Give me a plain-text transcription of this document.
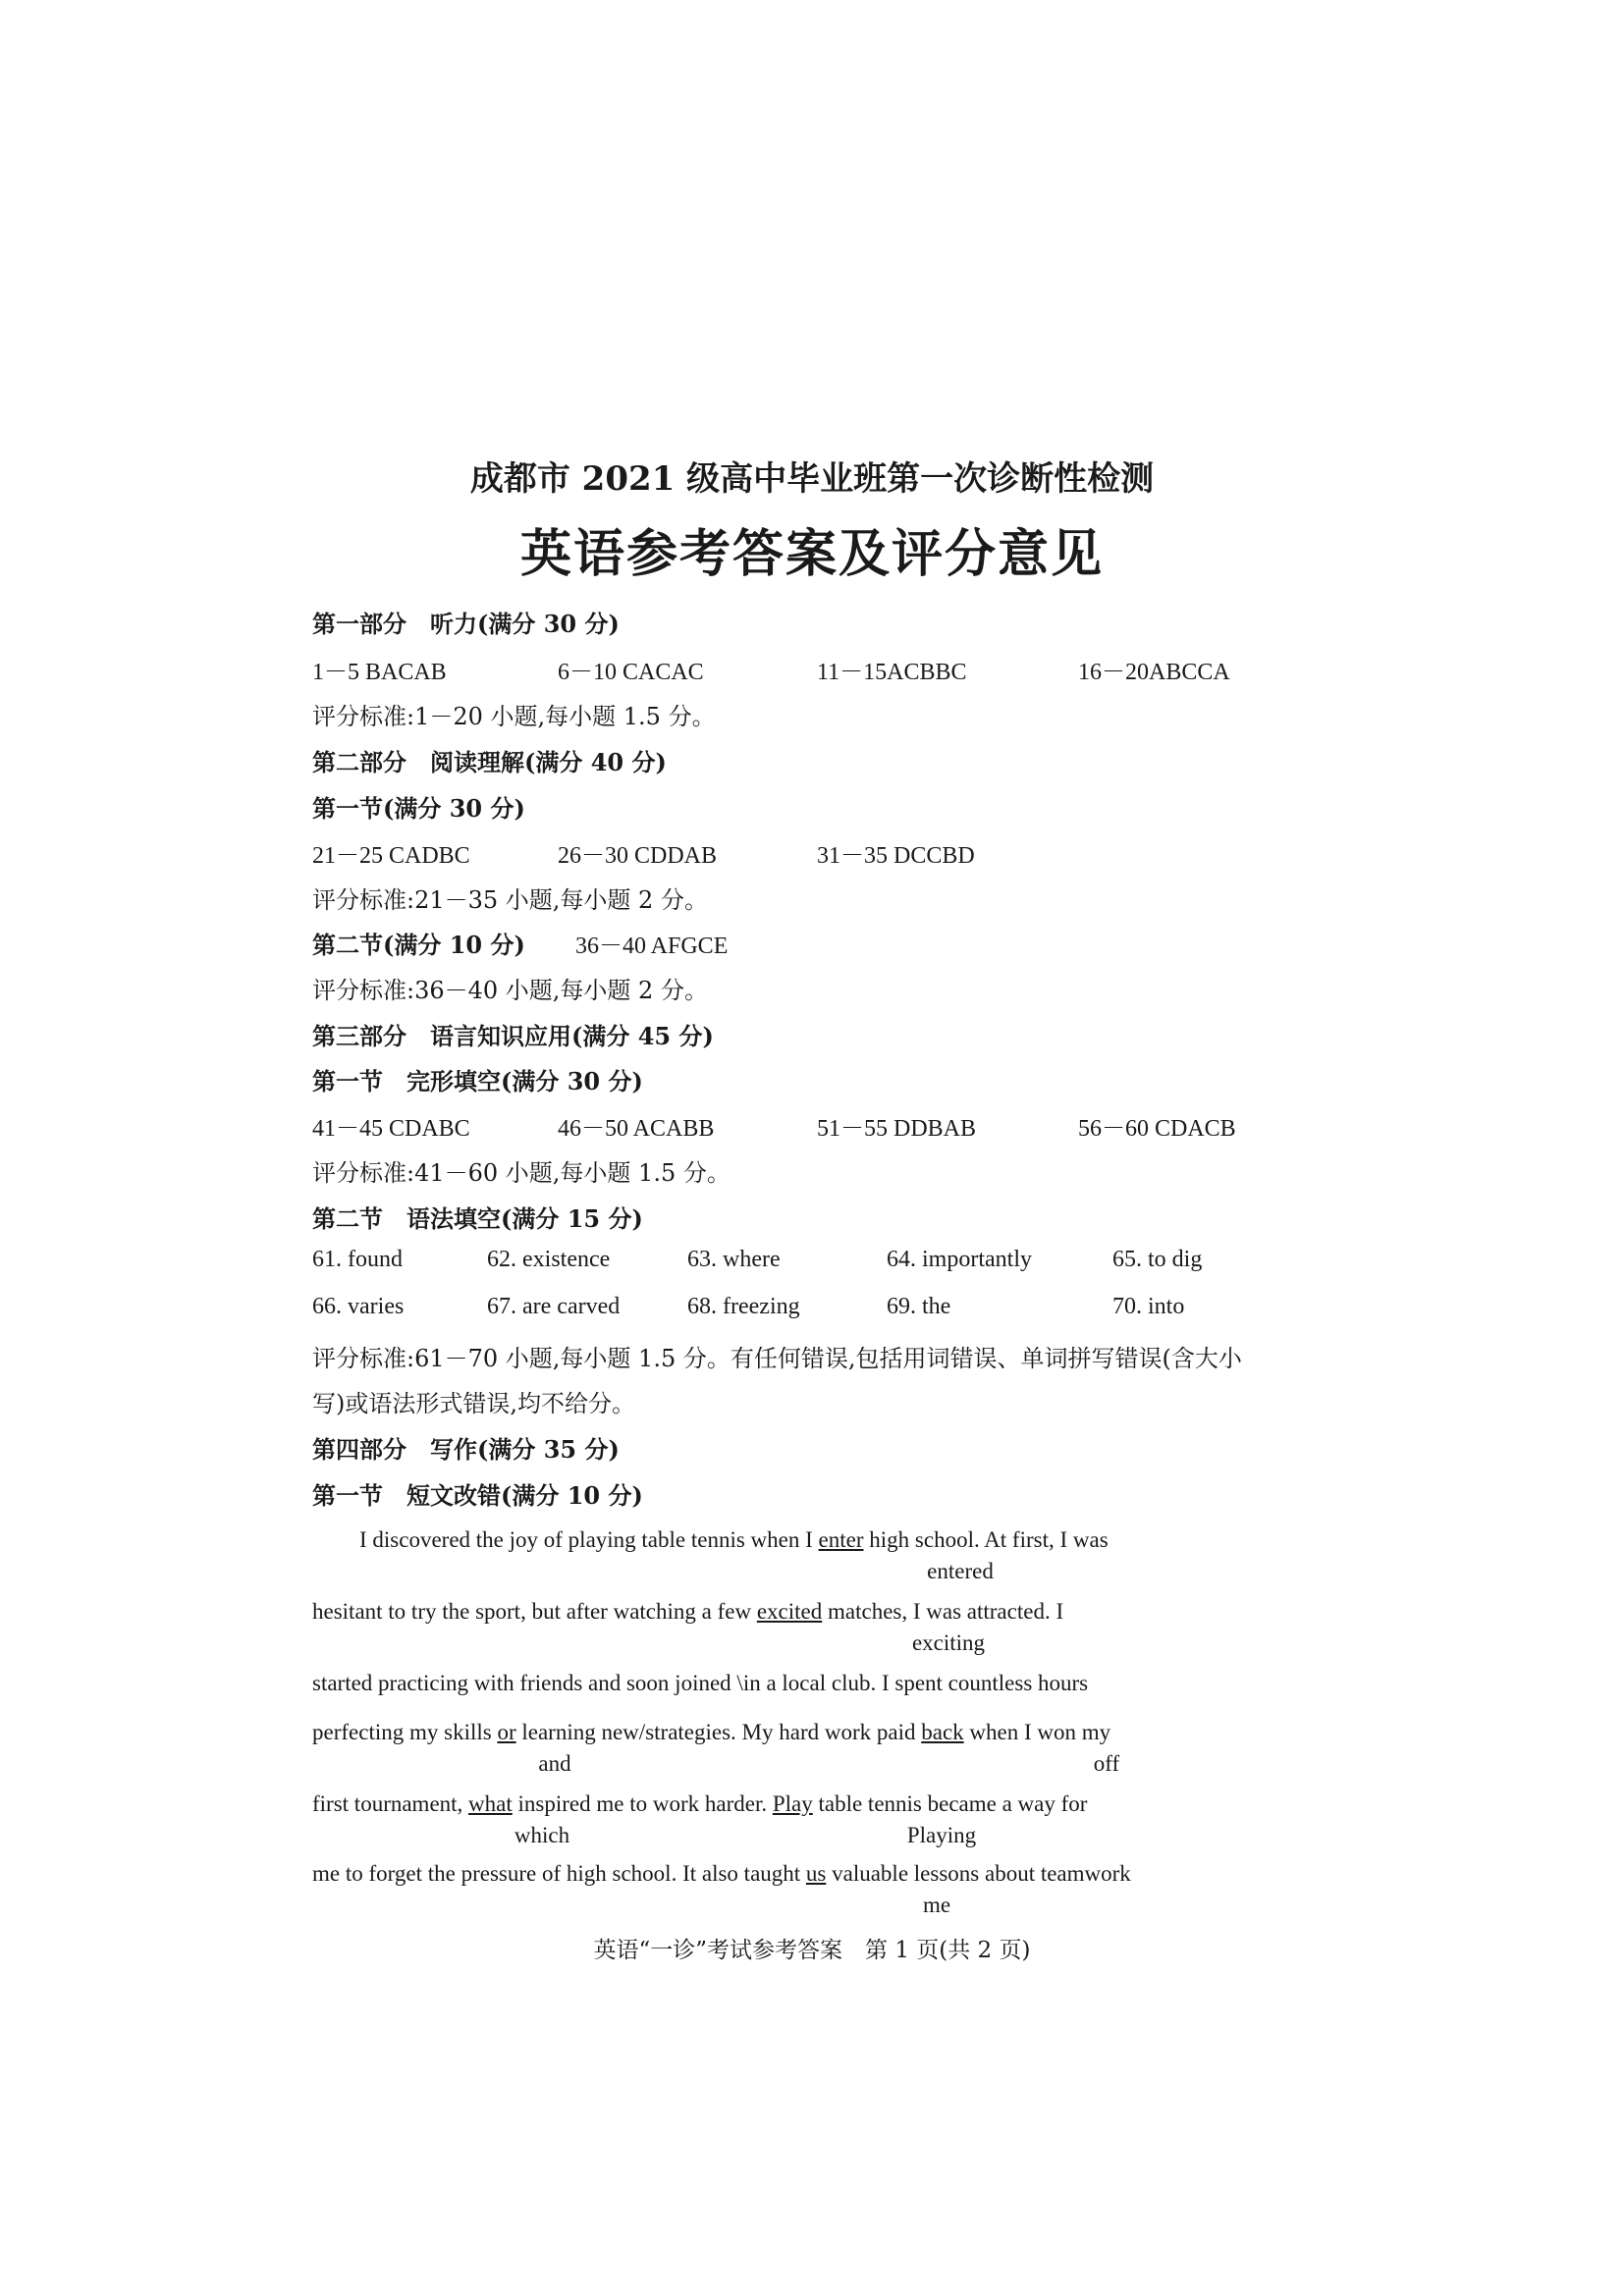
成都市 2021 级高中毕业班第一次诊断性检测
英语参考答案及评分意见
第一部分　听力(满分 30 分)
1－5 BACAB	6－10 CACAC	11－15ACBBC	16－20ABCCA
评分标准:1－20 小题,每小题 1.5 分。
第二部分　阅读理解(满分 40 分)
第一节(满分 30 分)
21－25 CADBC	26－30 CDDAB	31－35 DCCBD
评分标准:21－35 小题,每小题 2 分。
第二节(满分 10 分) 36－40 AFGCE
评分标准:36－40 小题,每小题 2 分。
第三部分　语言知识应用(满分 45 分)
第一节　完形填空(满分 30 分)
41－45 CDABC	46－50 ACABB	51－55 DDBAB	56－60 CDACB
评分标准:41－60 小题,每小题 1.5 分。
第二节　语法填空(满分 15 分)
61. found	62. existence	63. where	64. importantly	65. to dig
66. varies	67. are carved	68. freezing	69. the	70. into
评分标准:61－70 小题,每小题 1.5 分。有任何错误,包括用词错误、单词拼写错误(含大小
写)或语法形式错误,均不给分。
第四部分　写作(满分 35 分)
第一节　短文改错(满分 10 分)
I discovered the joy of playing table tennis when I enter high school. At first, I was
entered
hesitant to try the sport, but after watching a few excited matches, I was attracted. I
exciting
started practicing with friends and soon joined \in a local club. I spent countless hours
perfecting my skills or learning new/strategies. My hard work paid back when I won my
and	off
first tournament, what inspired me to work harder. Play table tennis became a way for
which	Playing
me to forget the pressure of high school. It also taught us valuable lessons about teamwork
me
英语“一诊”考试参考答案　第 1 页(共 2 页)
